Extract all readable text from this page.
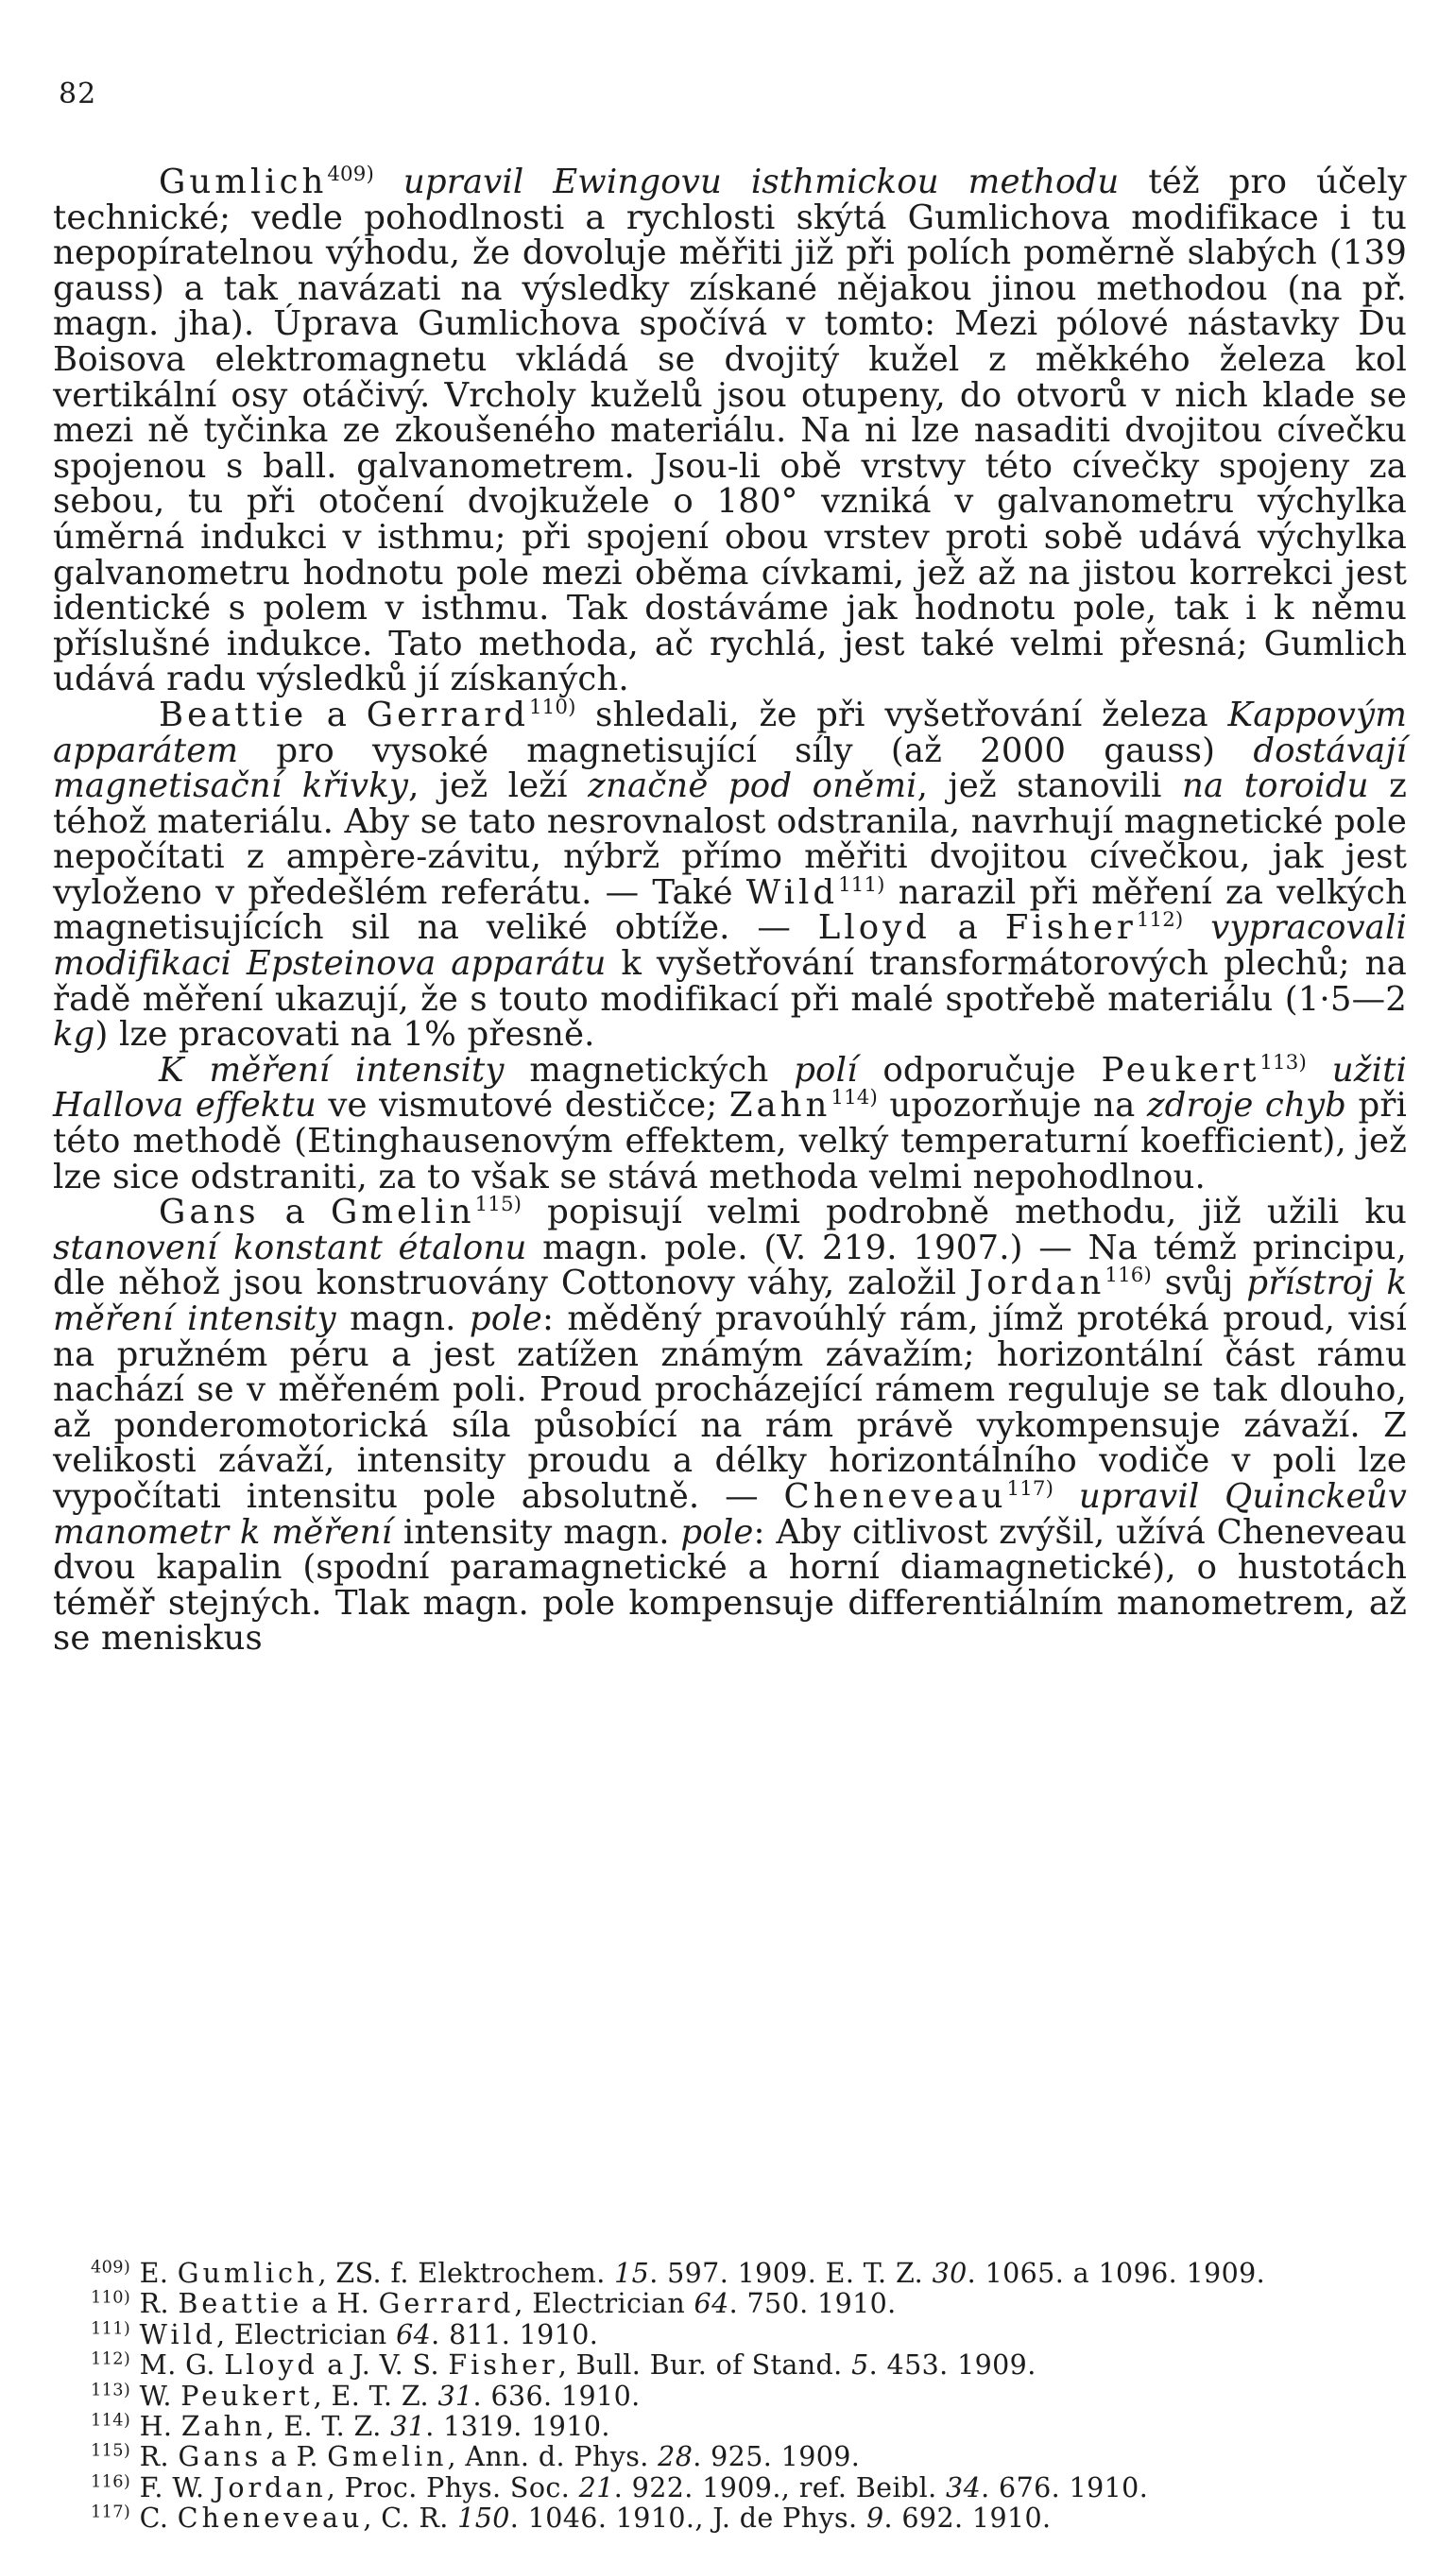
82

Gumlich$^{409)}$ upravil Ewingovu isthmickou methodu též pro účely technické; vedle pohodlnosti a rychlosti skýtá Gumlichova modifikace i tu nepopíratelnou výhodu, že dovoluje měřiti již při polích poměrně slabých (139 gauss) a tak navázati na výsledky získané nějakou jinou methodou (na př. magn. jha). Úprava Gumlichova spočívá v tomto: Mezi pólové nástavky Du Boisova elektromagnetu vkládá se dvojitý kužel z měkkého železa kol vertikální osy otáčivý. Vrcholy kuželů jsou otupeny, do otvorů v nich klade se mezi ně tyčinka ze zkoušeného materiálu. Na ni lze nasaditi dvojitou cívečku spojenou s ball. galvanometrem. Jsou-li obě vrstvy této cívečky spojeny za sebou, tu při otočení dvojkužele o 180° vzniká v galvanometru výchylka úměrná indukci v isthmu; při spojení obou vrstev proti sobě udává výchylka galvanometru hodnotu pole mezi oběma cívkami, jež až na jistou korrekci jest identické s polem v isthmu. Tak dostáváme jak hodnotu pole, tak i k němu příslušné indukce. Tato methoda, ač rychlá, jest také velmi přesná; Gumlich udává radu výsledků jí získaných.

Beattie a Gerrard$^{110)}$ shledali, že při vyšetřování železa Kappovým apparátem pro vysoké magnetisující síly (až 2000 gauss) dostávají magnetisační křivky, jež leží značně pod oněmi, jež stanovili na toroidu z téhož materiálu. Aby se tato nesrovnalost odstranila, navrhují magnetické pole nepočítati z ampère-závitu, nýbrž přímo měřiti dvojitou cívečkou, jak jest vyloženo v předešlém referátu. — Také Wild$^{111)}$ narazil při měření za velkých magnetisujících sil na veliké obtíže. — Lloyd a Fisher$^{112)}$ vypracovali modifikaci Epsteinova apparátu k vyšetřování transformátorových plechů; na řadě měření ukazují, že s touto modifikací při malé spotřebě materiálu (1·5—2 kg) lze pracovati na 1% přesně.

K měření intensity magnetických polí odporučuje Peukert$^{113)}$ užiti Hallova effektu ve vismutové destičce; Zahn$^{114)}$ upozorňuje na zdroje chyb při této methodě (Etinghausenovým effektem, velký temperaturní koefficient), jež lze sice odstraniti, za to však se stává methoda velmi nepohodlnou.

Gans a Gmelin$^{115)}$ popisují velmi podrobně methodu, již užili ku stanovení konstant étalonu magn. pole. (V. 219. 1907.) — Na témž principu, dle něhož jsou konstruovány Cottonovy váhy, založil Jordan$^{116)}$ svůj přístroj k měření intensity magn. pole: měděný pravoúhlý rám, jímž protéká proud, visí na pružném péru a jest zatížen známým závažím; horizontální část rámu nachází se v měřeném poli. Proud procházející rámem reguluje se tak dlouho, až ponderomotorická síla působící na rám právě vykompensuje závaží. Z velikosti závaží, intensity proudu a délky horizontálního vodiče v poli lze vypočítati intensitu pole absolutně. — Cheneveau$^{117)}$ upravil Quinckeův manometr k měření intensity magn. pole: Aby citlivost zvýšil, užívá Cheneveau dvou kapalin (spodní paramagnetické a horní diamagnetické), o hustotách téměř stejných. Tlak magn. pole kompensuje differentiálním manometrem, až se meniskus

$^{409)}$ E. Gumlich, ZS. f. Elektrochem. 15. 597. 1909. E. T. Z. 30. 1065. a 1096. 1909.

$^{110)}$ R. Beattie a H. Gerrard, Electrician 64. 750. 1910.

$^{111)}$ Wild, Electrician 64. 811. 1910.

$^{112)}$ M. G. Lloyd a J. V. S. Fisher, Bull. Bur. of Stand. 5. 453. 1909.

$^{113)}$ W. Peukert, E. T. Z. 31. 636. 1910.

$^{114)}$ H. Zahn, E. T. Z. 31. 1319. 1910.

$^{115)}$ R. Gans a P. Gmelin, Ann. d. Phys. 28. 925. 1909.

$^{116)}$ F. W. Jordan, Proc. Phys. Soc. 21. 922. 1909., ref. Beibl. 34. 676. 1910.

$^{117)}$ C. Cheneveau, C. R. 150. 1046. 1910., J. de Phys. 9. 692. 1910.
